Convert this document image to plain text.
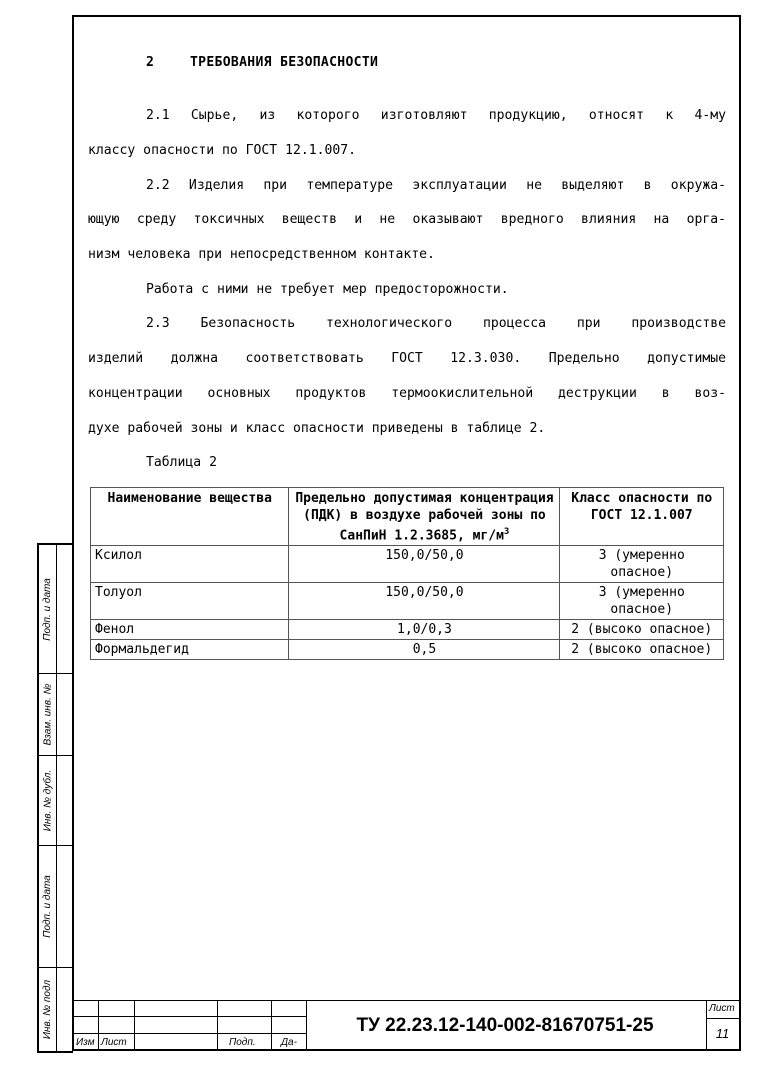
Подп. и дата
Взам. инв. №
Инв. № дубл.
Подп. и дата
Инв. № подл
2	ТРЕБОВАНИЯ БЕЗОПАСНОСТИ
2.1 Сырье, из которого изготовляют продукцию, относят к 4-му
классу опасности по ГОСТ 12.1.007.
2.2 Изделия при температуре эксплуатации не выделяют в окружа-
ющую среду токсичных веществ и не оказывают вредного влияния на орга-
низм человека при непосредственном контакте.
Работа с ними не требует мер предосторожности.
2.3 Безопасность технологического процесса при производстве
изделий должна соответствовать ГОСТ 12.3.030. Предельно допустимые
концентрации основных продуктов термоокислительной деструкции в воз-
духе рабочей зоны и класс опасности приведены в таблице 2.
Таблица 2
Наименование вещества	Предельно допустимая концентрация (ПДК) в воздухе рабочей зоны по СанПиН 1.2.3685, $мг/м^3$	Класс опасности по ГОСТ 12.1.007
Ксилол	150,0/50,0	3 (умеренно опасное)
Толуол	150,0/50,0	3 (умеренно опасное)
Фенол	1,0/0,3	2 (высоко опасное)
Формальдегид	0,5	2 (высоко опасное)
Изм Лист	Подп.	Да-
Лист
ТУ 22.23.12-140-002-81670751-25	11
